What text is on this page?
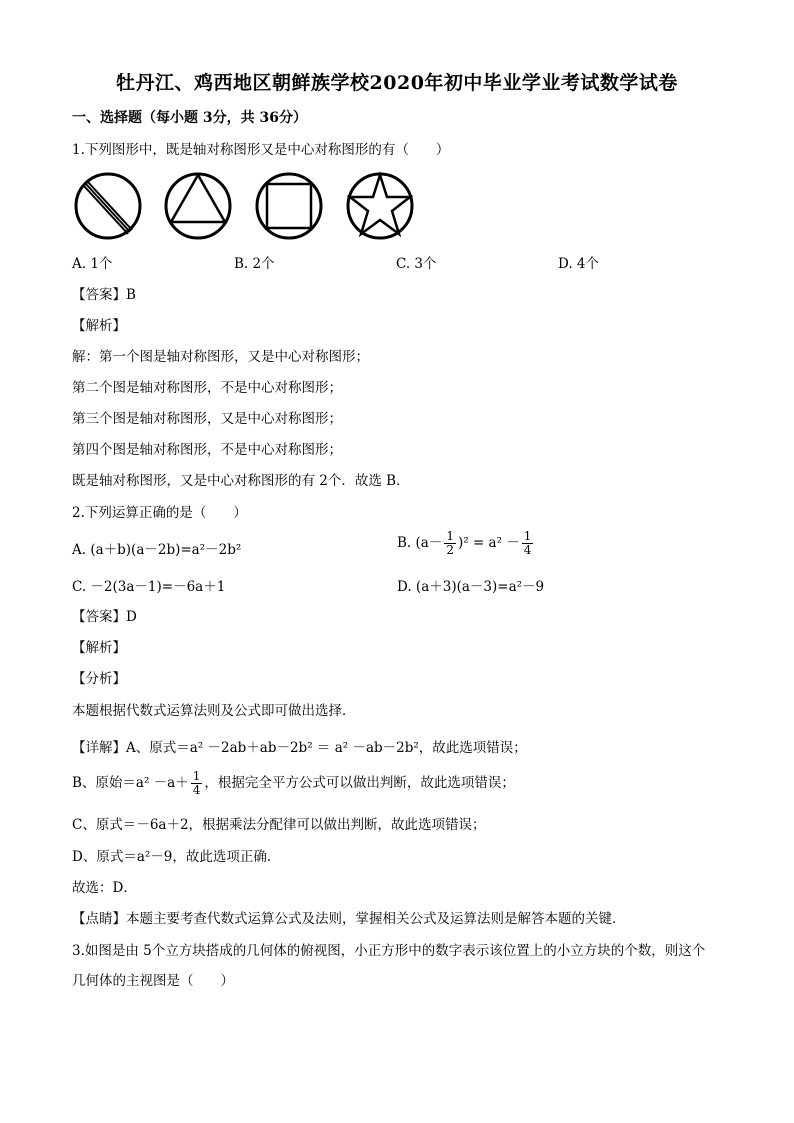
牡丹江、鸡西地区朝鲜族学校2020年初中毕业学业考试数学试卷
一、选择题（每小题 3分，共 36分）
1.下列图形中，既是轴对称图形又是中心对称图形的有（　　）
A. 1个	B. 2个	C. 3个	D. 4个
【答案】B
【解析】
解：第一个图是轴对称图形，又是中心对称图形；
第二个图是轴对称图形，不是中心对称图形；
第三个图是轴对称图形，又是中心对称图形；
第四个图是轴对称图形，不是中心对称图形；
既是轴对称图形，又是中心对称图形的有 2个．故选 B．
2.下列运算正确的是（　　）
A. (a＋b)(a－2b)=a²－2b²	B. $(a- \frac{1}{2} )^2 = a^2 - \frac{1}{4}$
C. －2(3a－1)=－6a＋1	D. (a＋3)(a－3)=a²－9
【答案】D
【解析】
【分析】
本题根据代数式运算法则及公式即可做出选择．
【详解】A、原式＝a² －2ab＋ab－2b² ＝ a² －ab－2b²，故此选项错误；
B、原始$=a^2 -a+ \frac{1}{4}$ ，根据完全平方公式可以做出判断，故此选项错误；
C、原式＝－6a＋2，根据乘法分配律可以做出判断，故此选项错误；
D、原式＝a²－9，故此选项正确．
故选：D．
【点睛】本题主要考查代数式运算公式及法则，掌握相关公式及运算法则是解答本题的关键．
3.如图是由 5个立方块搭成的几何体的俯视图，小正方形中的数字表示该位置上的小立方块的个数，则这个
几何体的主视图是（　　）
